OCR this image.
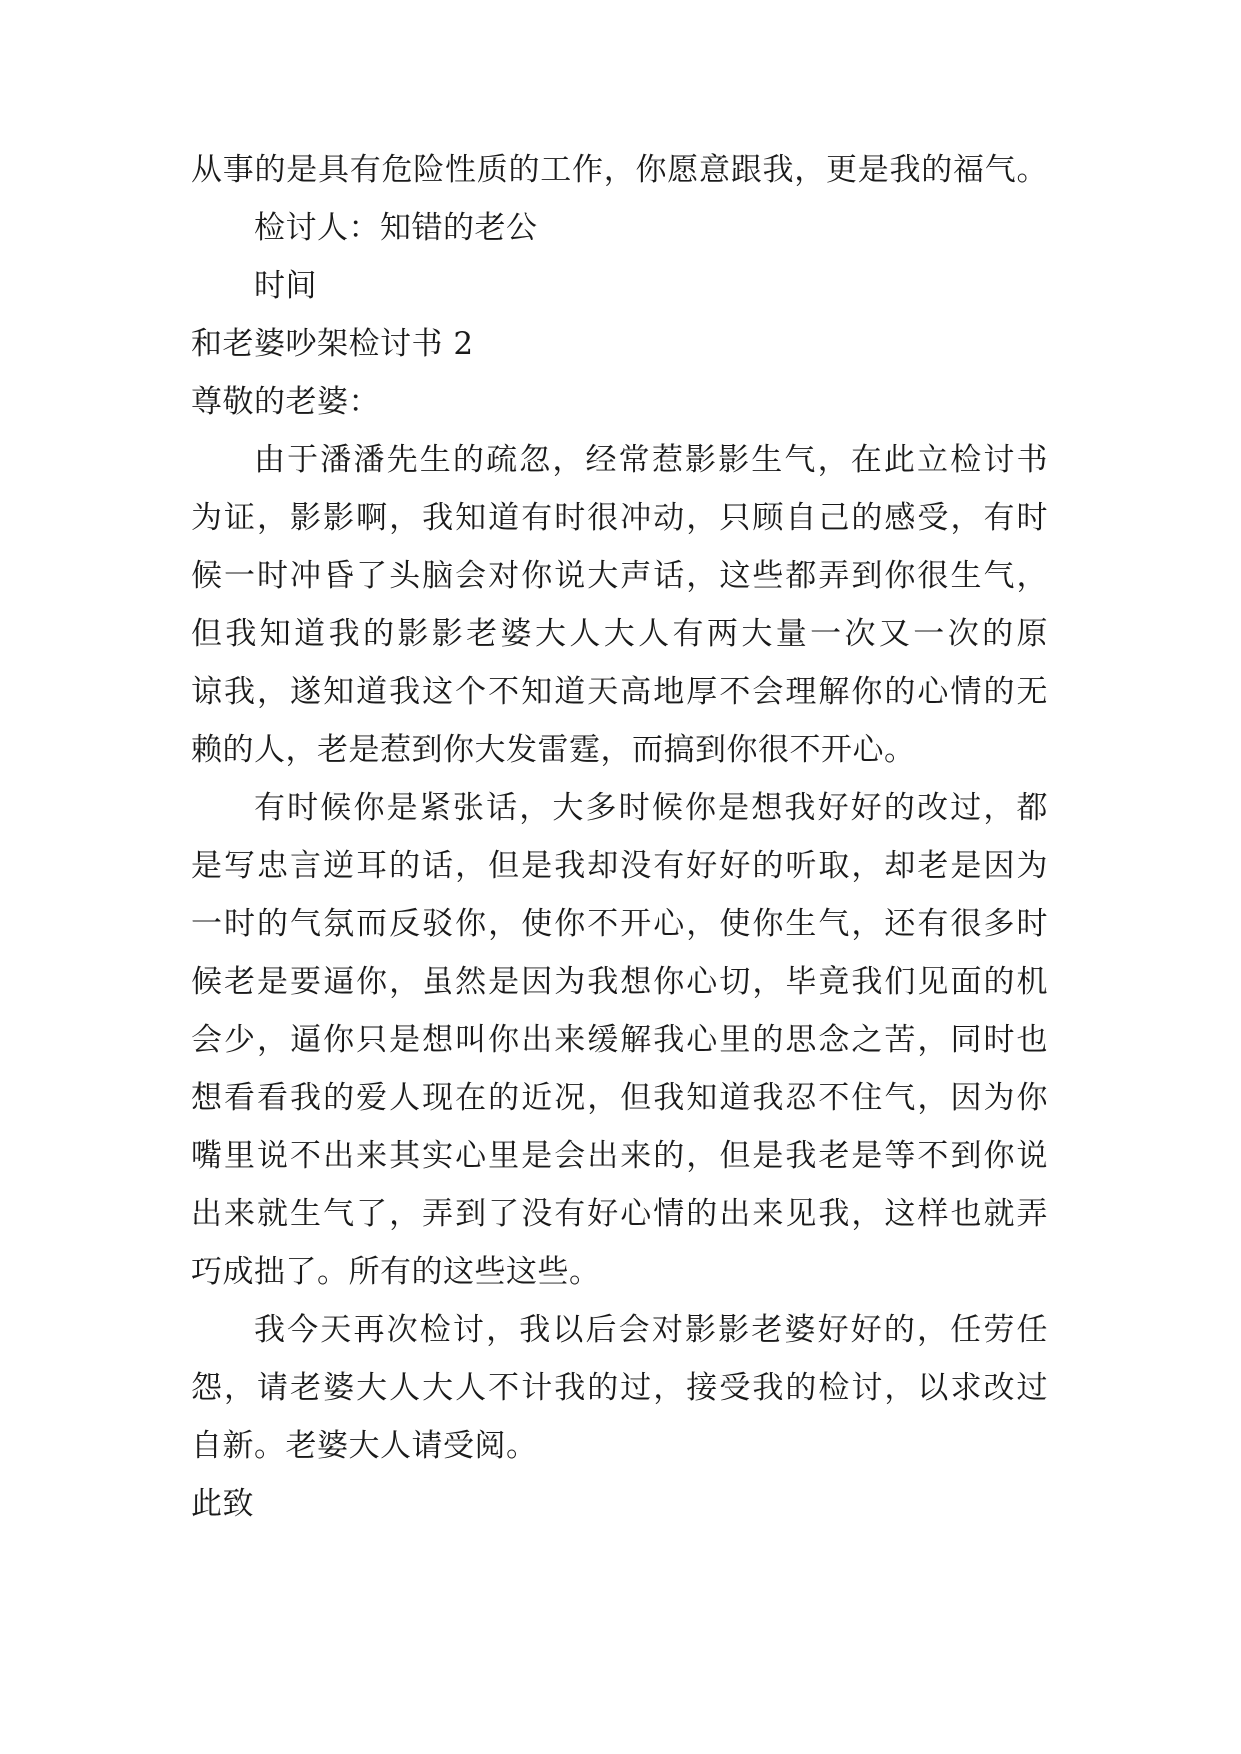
从事的是具有危险性质的工作，你愿意跟我，更是我的福气。
检讨人：知错的老公
时间
和老婆吵架检讨书 2
尊敬的老婆：
由于潘潘先生的疏忽，经常惹影影生气，在此立检讨书
为证，影影啊，我知道有时很冲动，只顾自己的感受，有时
候一时冲昏了头脑会对你说大声话，这些都弄到你很生气，
但我知道我的影影老婆大人大人有两大量一次又一次的原
谅我，遂知道我这个不知道天高地厚不会理解你的心情的无
赖的人，老是惹到你大发雷霆，而搞到你很不开心。
有时候你是紧张话，大多时候你是想我好好的改过，都
是写忠言逆耳的话，但是我却没有好好的听取，却老是因为
一时的气氛而反驳你，使你不开心，使你生气，还有很多时
候老是要逼你，虽然是因为我想你心切，毕竟我们见面的机
会少，逼你只是想叫你出来缓解我心里的思念之苦，同时也
想看看我的爱人现在的近况，但我知道我忍不住气，因为你
嘴里说不出来其实心里是会出来的，但是我老是等不到你说
出来就生气了，弄到了没有好心情的出来见我，这样也就弄
巧成拙了。所有的这些这些。
我今天再次检讨，我以后会对影影老婆好好的，任劳任
怨，请老婆大人大人不计我的过，接受我的检讨，以求改过
自新。老婆大人请受阅。
此致
